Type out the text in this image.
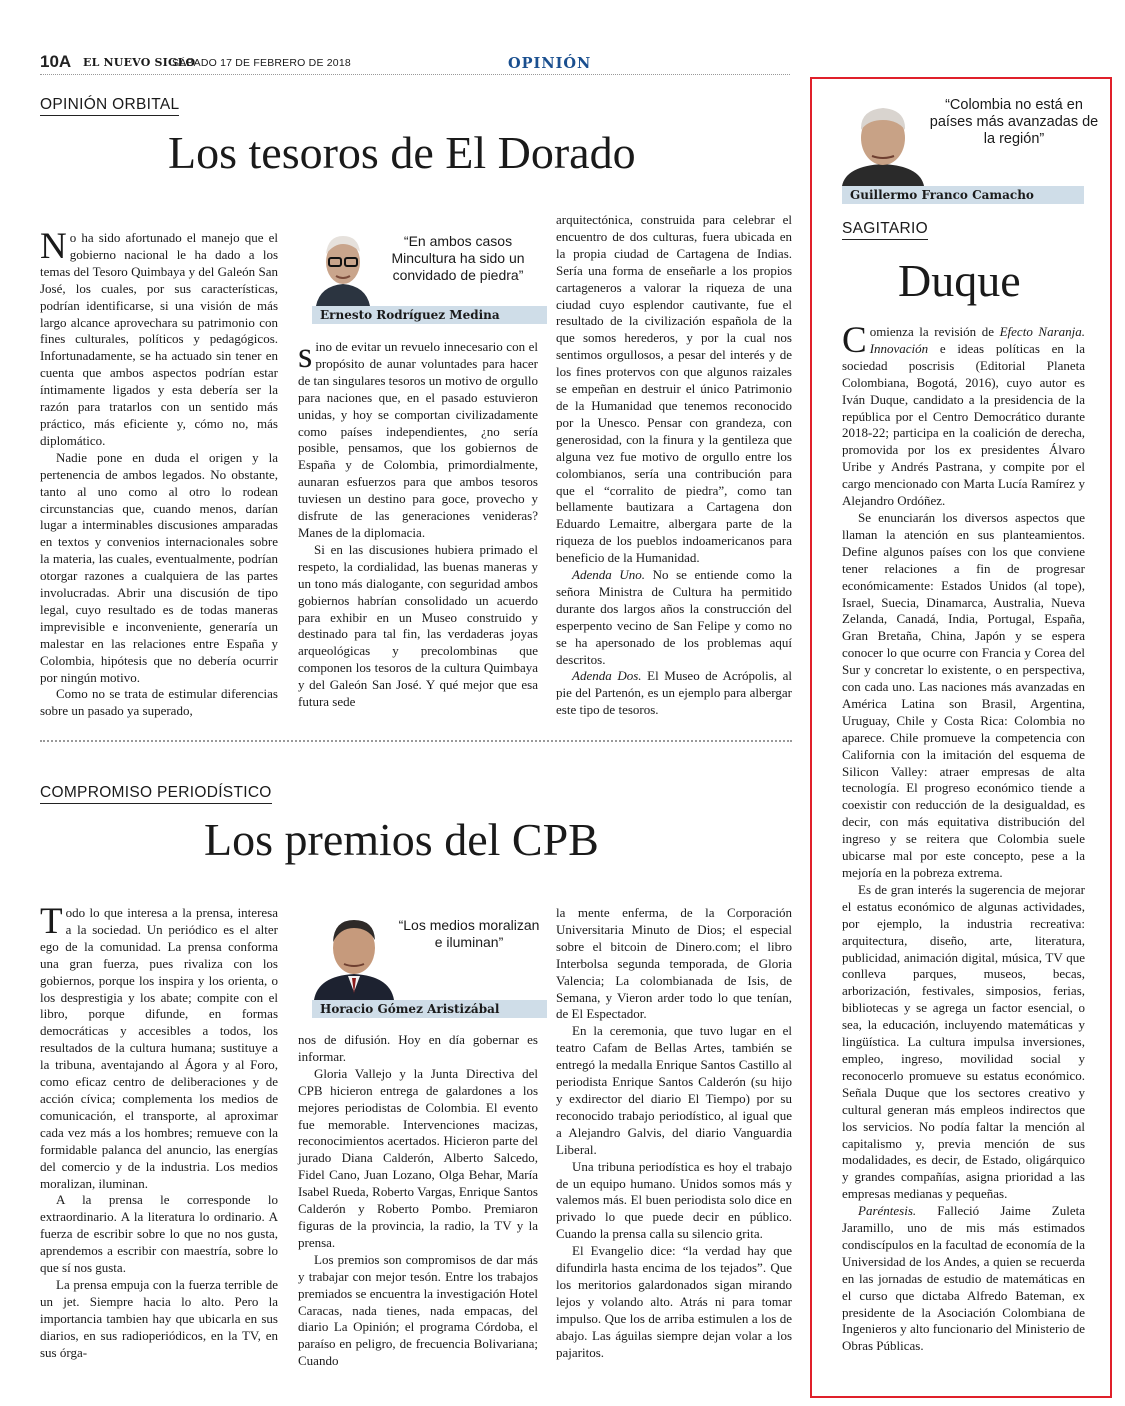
10A EL NUEVO SIGLO
SÁBADO 17 DE FEBRERO DE 2018	OPINIÓN
OPINIÓN ORBITAL
Los tesoros de El Dorado

No ha sido afortunado el manejo que el gobierno nacional le ha dado a los temas del Tesoro Quimbaya y del Galeón San José, los cuales, por sus características, podrían identificarse, si una visión de más largo alcance aprovechara su patrimonio con fines culturales, políticos y pedagógicos. Infortunadamente, se ha actuado sin tener en cuenta que ambos aspectos podrían estar íntimamente ligados y esta debería ser la razón para tratarlos con un sentido más práctico, más eficiente y, cómo no, más diplomático.

Nadie pone en duda el origen y la pertenencia de ambos legados. No obstante, tanto al uno como al otro lo rodean circunstancias que, cuando menos, darían lugar a interminables discusiones amparadas en textos y convenios internacionales sobre la materia, las cuales, eventualmente, podrían otorgar razones a cualquiera de las partes involucradas. Abrir una discusión de tipo legal, cuyo resultado es de todas maneras imprevisible e inconveniente, generaría un malestar en las relaciones entre España y Colombia, hipótesis que no debería ocurrir por ningún motivo.

Como no se trata de estimular diferencias sobre un pasado ya superado,

“En ambos casos Mincultura ha sido un convidado de piedra”
Ernesto Rodríguez Medina

sino de evitar un revuelo innecesario con el propósito de aunar voluntades para hacer de tan singulares tesoros un motivo de orgullo para naciones que, en el pasado estuvieron unidas, y hoy se comportan civilizadamente como países independientes, ¿no sería posible, pensamos, que los gobiernos de España y de Colombia, primordialmente, aunaran esfuerzos para que ambos tesoros tuviesen un destino para goce, provecho y disfrute de las generaciones venideras? Manes de la diplomacia.

Si en las discusiones hubiera primado el respeto, la cordialidad, las buenas maneras y un tono más dialogante, con seguridad ambos gobiernos habrían consolidado un acuerdo para exhibir en un Museo construido y destinado para tal fin, las verdaderas joyas arqueológicas y precolombinas que componen los tesoros de la cultura Quimbaya y del Galeón San José. Y qué mejor que esa futura sede

arquitectónica, construida para celebrar el encuentro de dos culturas, fuera ubicada en la propia ciudad de Cartagena de Indias. Sería una forma de enseñarle a los propios cartageneros a valorar la riqueza de una ciudad cuyo esplendor cautivante, fue el resultado de la civilización española de la que somos herederos, y por la cual nos sentimos orgullosos, a pesar del interés y de los fines protervos con que algunos raizales se empeñan en destruir el único Patrimonio de la Humanidad que tenemos reconocido por la Unesco. Pensar con grandeza, con generosidad, con la finura y la gentileza que alguna vez fue motivo de orgullo entre los colombianos, sería una contribución para que el “corralito de piedra”, como tan bellamente bautizara a Cartagena don Eduardo Lemaitre, albergara parte de la riqueza de los pueblos indoamericanos para beneficio de la Humanidad.

Adenda Uno. No se entiende como la señora Ministra de Cultura ha permitido durante dos largos años la construcción del esperpento vecino de San Felipe y como no se ha apersonado de los problemas aquí descritos.

Adenda Dos. El Museo de Acrópolis, al pie del Partenón, es un ejemplo para albergar este tipo de tesoros.

COMPROMISO PERIODÍSTICO
Los premios del CPB

Todo lo que interesa a la prensa, interesa a la sociedad. Un periódico es el alter ego de la comunidad. La prensa conforma una gran fuerza, pues rivaliza con los gobiernos, porque los inspira y los orienta, o los desprestigia y los abate; compite con el libro, porque difunde, en formas democráticas y accesibles a todos, los resultados de la cultura humana; sustituye a la tribuna, aventajando al Ágora y al Foro, como eficaz centro de deliberaciones y de acción cívica; complementa los medios de comunicación, el transporte, al aproximar cada vez más a los hombres; remueve con la formidable palanca del anuncio, las energías del comercio y de la industria. Los medios moralizan, iluminan.

A la prensa le corresponde lo extraordinario. A la literatura lo ordinario. A fuerza de escribir sobre lo que no nos gusta, aprendemos a escribir con maestría, sobre lo que sí nos gusta.

La prensa empuja con la fuerza terrible de un jet. Siempre hacia lo alto. Pero la importancia tambien hay que ubicarla en sus diarios, en sus radioperiódicos, en la TV, en sus órga-

“Los medios moralizan e iluminan”
Horacio Gómez Aristizábal

nos de difusión. Hoy en día gobernar es informar.

Gloria Vallejo y la Junta Directiva del CPB hicieron entrega de galardones a los mejores periodistas de Colombia. El evento fue memorable. Intervenciones macizas, reconocimientos acertados. Hicieron parte del jurado Diana Calderón, Alberto Salcedo, Fidel Cano, Juan Lozano, Olga Behar, María Isabel Rueda, Roberto Vargas, Enrique Santos Calderón y Roberto Pombo. Premiaron figuras de la provincia, la radio, la TV y la prensa.

Los premios son compromisos de dar más y trabajar con mejor tesón. Entre los trabajos premiados se encuentra la investigación Hotel Caracas, nada tienes, nada empacas, del diario La Opinión; el programa Córdoba, el paraíso en peligro, de frecuencia Bolivariana; Cuando

la mente enferma, de la Corporación Universitaria Minuto de Dios; el especial sobre el bitcoin de Dinero.com; el libro Interbolsa segunda temporada, de Gloria Valencia; La colombianada de Isis, de Semana, y Vieron arder todo lo que tenían, de El Espectador.

En la ceremonia, que tuvo lugar en el teatro Cafam de Bellas Artes, también se entregó la medalla Enrique Santos Castillo al periodista Enrique Santos Calderón (su hijo y exdirector del diario El Tiempo) por su reconocido trabajo periodístico, al igual que a Alejandro Galvis, del diario Vanguardia Liberal.

Una tribuna periodística es hoy el trabajo de un equipo humano. Unidos somos más y valemos más. El buen periodista solo dice en privado lo que puede decir en público. Cuando la prensa calla su silencio grita.

El Evangelio dice: “la verdad hay que difundirla hasta encima de los tejados”. Que los meritorios galardonados sigan mirando lejos y volando alto. Atrás ni para tomar impulso. Que los de arriba estimulen a los de abajo. Las águilas siempre dejan volar a los pajaritos.

“Colombia no está en países más avanzadas de la región”
Guillermo Franco Camacho
SAGITARIO
Duque

Comienza la revisión de Efecto Naranja. Innovación e ideas políticas en la sociedad poscrisis (Editorial Planeta Colombiana, Bogotá, 2016), cuyo autor es Iván Duque, candidato a la presidencia de la república por el Centro Democrático durante 2018-22; participa en la coalición de derecha, promovida por los ex presidentes Álvaro Uribe y Andrés Pastrana, y compite por el cargo mencionado con Marta Lucía Ramírez y Alejandro Ordóñez.

Se enunciarán los diversos aspectos que llaman la atención en sus planteamientos. Define algunos países con los que conviene tener relaciones a fin de progresar económicamente: Estados Unidos (al tope), Israel, Suecia, Dinamarca, Australia, Nueva Zelanda, Canadá, India, Portugal, España, Gran Bretaña, China, Japón y se espera conocer lo que ocurre con Francia y Corea del Sur y concretar lo existente, o en perspectiva, con cada uno. Las naciones más avanzadas en América Latina son Brasil, Argentina, Uruguay, Chile y Costa Rica: Colombia no aparece. Chile promueve la competencia con California con la imitación del esquema de Silicon Valley: atraer empresas de alta tecnología. El progreso económico tiende a coexistir con reducción de la desigualdad, es decir, con más equitativa distribución del ingreso y se reitera que Colombia suele ubicarse mal por este concepto, pese a la mejoría en la pobreza extrema.

Es de gran interés la sugerencia de mejorar el estatus económico de algunas actividades, por ejemplo, la industria recreativa: arquitectura, diseño, arte, literatura, publicidad, animación digital, música, TV que conlleva parques, museos, becas, arborización, festivales, simposios, ferias, bibliotecas y se agrega un factor esencial, o sea, la educación, incluyendo matemáticas y lingüística. La cultura impulsa inversiones, empleo, ingreso, movilidad social y reconocerlo promueve su estatus económico. Señala Duque que los sectores creativo y cultural generan más empleos indirectos que los servicios. No podía faltar la mención al capitalismo y, previa mención de sus modalidades, es decir, de Estado, oligárquico y grandes compañías, asigna prioridad a las empresas medianas y pequeñas.

Paréntesis. Falleció Jaime Zuleta Jaramillo, uno de mis más estimados condiscípulos en la facultad de economía de la Universidad de los Andes, a quien se recuerda en las jornadas de estudio de matemáticas en el curso que dictaba Alfredo Bateman, ex presidente de la Asociación Colombiana de Ingenieros y alto funcionario del Ministerio de Obras Públicas.
